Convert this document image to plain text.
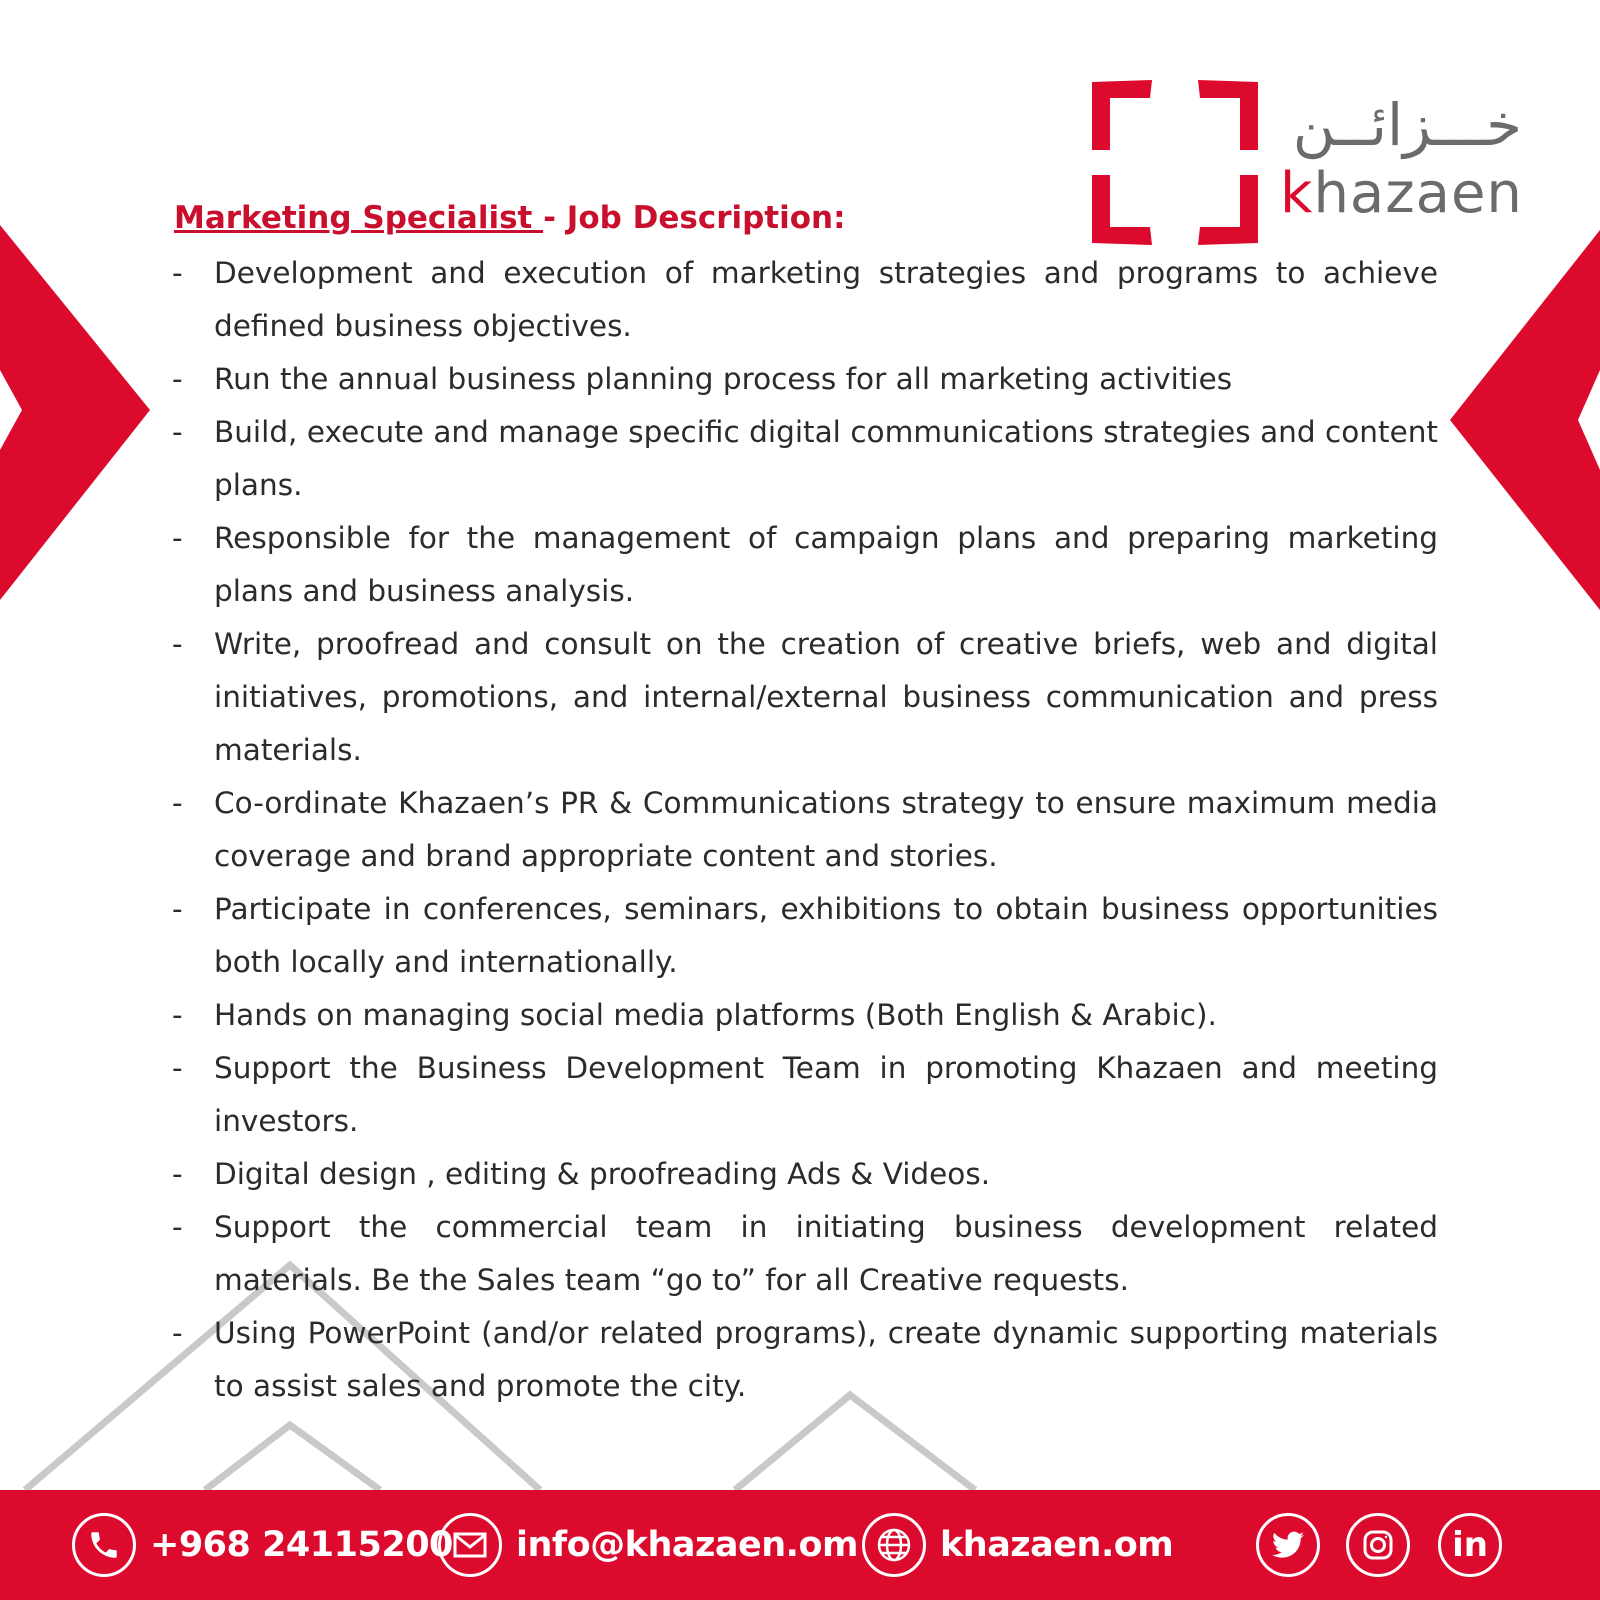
خـــزائــن
khazaen
Marketing Specialist - Job Description:
- Development and execution of marketing strategies and programs to achieve defined business objectives.
- Run the annual business planning process for all marketing activities
- Build, execute and manage specific digital communications strategies and content plans.
- Responsible for the management of campaign plans and preparing marketing plans and business analysis.
- Write, proofread and consult on the creation of creative briefs, web and digital initiatives, promotions, and internal/external business communication and press materials.
- Co-ordinate Khazaen’s PR & Communications strategy to ensure maximum media coverage and brand appropriate content and stories.
- Participate in conferences, seminars, exhibitions to obtain business opportunities both locally and internationally.
- Hands on managing social media platforms (Both English & Arabic).
- Support the Business Development Team in promoting Khazaen and meeting investors.
- Digital design , editing & proofreading Ads & Videos.
- Support the commercial team in initiating business development related materials. Be the Sales team “go to” for all Creative requests.
- Using PowerPoint (and/or related programs), create dynamic supporting materials to assist sales and promote the city.
+968 24115200 info@khazaen.om khazaen.om	in
